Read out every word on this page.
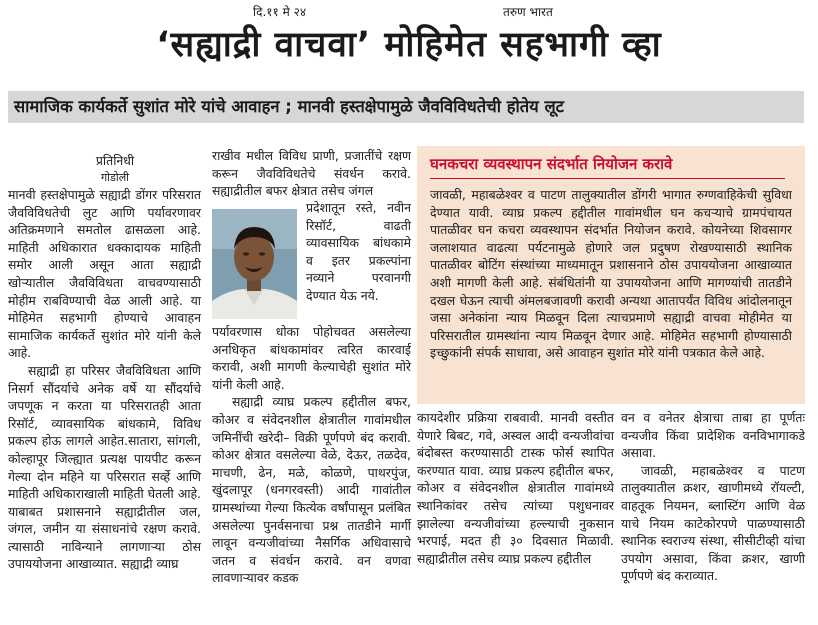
दि.११ मे २४	तरुण भारत
‘सह्याद्री वाचवा’ मोहिमेत सहभागी व्हा
सामाजिक कार्यकर्ते सुशांत मोरे यांचे आवाहन ; मानवी हस्तक्षेपामुळे जैवविविधतेची होतेय लूट
प्रतिनिधी
गोडोली

मानवी हस्तक्षेपामुळे सह्याद्री डोंगर परिसरात जैवविविधतेची लुट आणि पर्यावरणावर अतिक्रमणाने समतोल ढासळला आहे. माहिती अधिकारात धक्कादायक माहिती समोर आली असून आता सह्याद्री खोऱ्यातील जैवविविधता वाचवण्यासाठी मोहीम राबविण्याची वेळ आली आहे. या मोहिमेत सहभागी होण्याचे आवाहन सामाजिक कार्यकर्ते सुशांत मोरे यांनी केले आहे.

सह्याद्री हा परिसर जैवविविधता आणि निसर्ग सौंदर्याचे अनेक वर्षे या सौंदर्याचे जपणूक न करता या परिसरातही आता रिसॉर्ट, व्यावसायिक बांधकामे, विविध प्रकल्प होऊ लागले आहेत.सातारा, सांगली, कोल्हापूर जिल्ह्यात प्रत्यक्ष पायपीट करून गेल्या दोन महिने या परिसरात सर्व्हे आणि माहिती अधिकाराखाली माहिती घेतली आहे. याबाबत प्रशासनाने सह्याद्रीतील जल, जंगल, जमीन या संसाधनांचे रक्षण करावे. त्यासाठी नाविन्याने लागणाऱ्या ठोस उपाययोजना आखाव्यात. सह्याद्री व्याघ्र

राखीव मधील विविध प्राणी, प्रजातींचे रक्षण करून जैवविविधतेचे संवर्धन करावे. सह्याद्रीतील बफर क्षेत्रात तसेच जंगल
प्रदेशातून रस्ते, नवीन रिसॉर्ट, वाढती व्यावसायिक बांधकामे व इतर प्रकल्पांना नव्याने परवानगी देण्यात येऊ नये.

पर्यावरणास धोका पोहोचवत असलेल्या अनधिकृत बांधकामांवर त्वरित कारवाई करावी, अशी मागणी केल्याचेही सुशांत मोरे यांनी केली आहे.

सह्याद्री व्याघ्र प्रकल्प हद्दीतील बफर, कोअर व संवेदनशील क्षेत्रातील गावांमधील जमिनींची खरेदी– विक्री पूर्णपणे बंद करावी. कोअर क्षेत्रात वसलेल्या वेळे, देऊर, तळदेव, माचणी, ढेन, मळे, कोळणे, पाथरपुंज, खुंदलापूर (धनगरवस्ती) आदी गावांतील ग्रामस्थांच्या गेल्या कित्येक वर्षांपासून प्रलंबित असलेल्या पुनर्वसनाचा प्रश्न तातडीने मार्गी लावून वन्यजीवांच्या नैसर्गिक अधिवासाचे जतन व संवर्धन करावे. वन वणवा लावणाऱ्यावर कडक

घनकचरा व्यवस्थापन संदर्भात नियोजन करावे
जावळी, महाबळेश्वर व पाटण तालुक्यातील डोंगरी भागात रुग्णवाहिकेची सुविधा देण्यात यावी. व्याघ्र प्रकल्प हद्दीतील गावांमधील घन कचऱ्याचे ग्रामपंचायत पातळीवर घन कचरा व्यवस्थापन संदर्भात नियोजन करावे. कोयनेच्या शिवसागर जलाशयात वाढत्या पर्यटनामुळे होणारे जल प्रदुषण रोखण्यासाठी स्थानिक पातळीवर बोटिंग संस्थांच्या माध्यमातून प्रशासनाने ठोस उपाययोजना आखाव्यात अशी मागणी केली आहे. संबंधितांनी या उपाययोजना आणि मागण्यांची तातडीने दखल घेऊन त्याची अंमलबजावणी करावी अन्यथा आतापर्यंत विविध आंदोलनातून जसा अनेकांना न्याय मिळवून दिला त्याचप्रमाणे सह्याद्री वाचवा मोहीमेत या परिसरातील ग्रामस्थांना न्याय मिळवून देणार आहे. मोहिमेत सहभागी होण्यासाठी इच्छुकांनी संपर्क साधावा, असे आवाहन सुशांत मोरे यांनी पत्रकात केले आहे.
कायदेशीर प्रक्रिया राबवावी. मानवी वस्तीत येणारे बिबट, गवे, अस्वल आदी वन्यजीवांचा बंदोबस्त करण्यासाठी टास्क फोर्स स्थापित करण्यात यावा. व्याघ्र प्रकल्प हद्दीतील बफर, कोअर व संवेदनशील क्षेत्रातील गावांमध्ये स्थानिकांवर तसेच त्यांच्या पशुधनावर झालेल्या वन्यजीवांच्या हल्ल्याची नुकसान भरपाई, मदत ही ३० दिवसात मिळावी. सह्याद्रीतील तसेच व्याघ्र प्रकल्प हद्दीतील

वन व वनेतर क्षेत्राचा ताबा हा पूर्णतः वन्यजीव किंवा प्रादेशिक वनविभागाकडे असावा.

जावळी, महाबळेश्वर व पाटण तालुक्यातील क्रशर, खाणीमध्ये रॉयल्टी, वाहतूक नियमन, ब्लास्टिंग आणि वेळ याचे नियम काटेकोरपणे पाळण्यासाठी स्थानिक स्वराज्य संस्था, सीसीटीव्ही यांचा उपयोग असावा, किंवा क्रशर, खाणी पूर्णपणे बंद कराव्यात.
